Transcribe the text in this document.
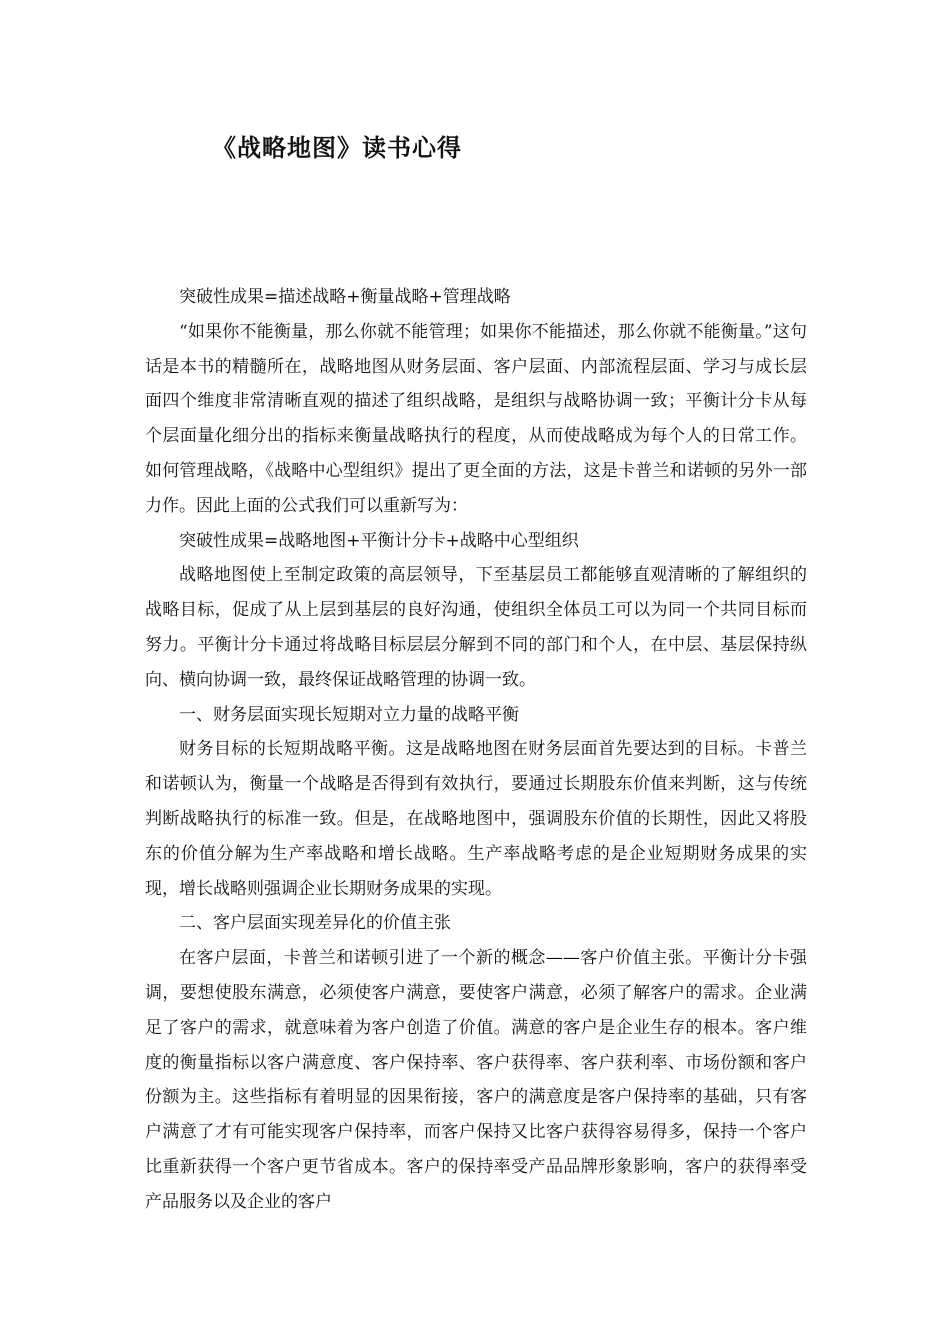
《战略地图》读书心得

突破性成果=描述战略+衡量战略+管理战略

“如果你不能衡量，那么你就不能管理；如果你不能描述，那么你就不能衡量。”这句话是本书的精髓所在，战略地图从财务层面、客户层面、内部流程层面、学习与成长层面四个维度非常清晰直观的描述了组织战略，是组织与战略协调一致；平衡计分卡从每个层面量化细分出的指标来衡量战略执行的程度，从而使战略成为每个人的日常工作。如何管理战略，《战略中心型组织》提出了更全面的方法，这是卡普兰和诺顿的另外一部力作。因此上面的公式我们可以重新写为：

突破性成果=战略地图+平衡计分卡+战略中心型组织

战略地图使上至制定政策的高层领导，下至基层员工都能够直观清晰的了解组织的战略目标，促成了从上层到基层的良好沟通，使组织全体员工可以为同一个共同目标而努力。平衡计分卡通过将战略目标层层分解到不同的部门和个人，在中层、基层保持纵向、横向协调一致，最终保证战略管理的协调一致。

一、财务层面实现长短期对立力量的战略平衡

财务目标的长短期战略平衡。这是战略地图在财务层面首先要达到的目标。卡普兰和诺顿认为，衡量一个战略是否得到有效执行，要通过长期股东价值来判断，这与传统判断战略执行的标准一致。但是，在战略地图中，强调股东价值的长期性，因此又将股东的价值分解为生产率战略和增长战略。生产率战略考虑的是企业短期财务成果的实现，增长战略则强调企业长期财务成果的实现。

二、客户层面实现差异化的价值主张

在客户层面，卡普兰和诺顿引进了一个新的概念——客户价值主张。平衡计分卡强调，要想使股东满意，必须使客户满意，要使客户满意，必须了解客户的需求。企业满足了客户的需求，就意味着为客户创造了价值。满意的客户是企业生存的根本。客户维度的衡量指标以客户满意度、客户保持率、客户获得率、客户获利率、市场份额和客户份额为主。这些指标有着明显的因果衔接，客户的满意度是客户保持率的基础，只有客户满意了才有可能实现客户保持率，而客户保持又比客户获得容易得多，保持一个客户比重新获得一个客户更节省成本。客户的保持率受产品品牌形象影响，客户的获得率受产品服务以及企业的客户
